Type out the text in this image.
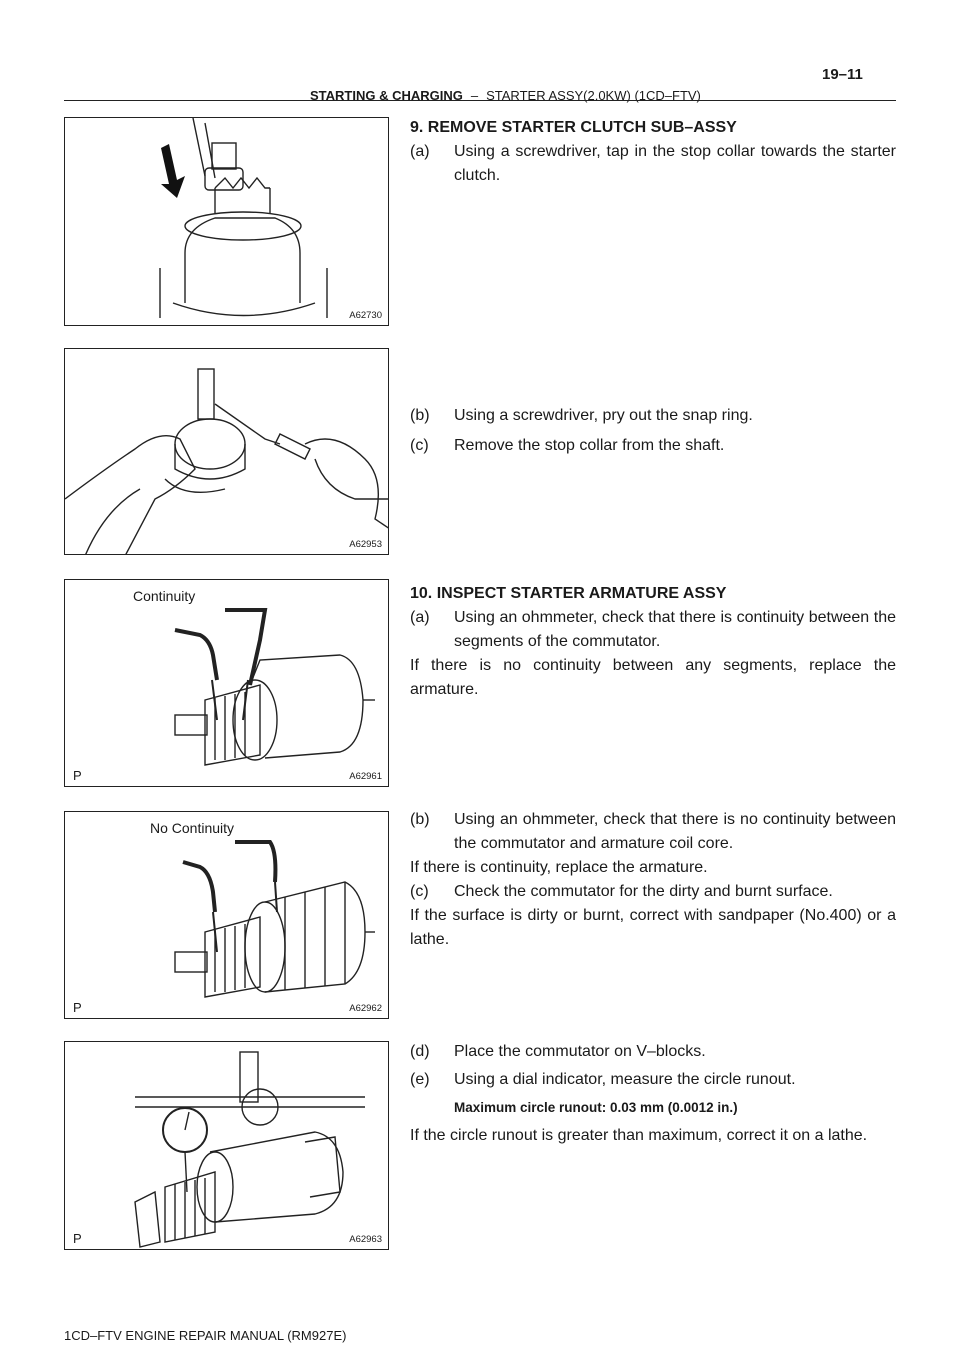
19–11
STARTING & CHARGING – STARTER ASSY(2.0KW) (1CD–FTV)
A62730
A62953
Continuity
P	A62961
No Continuity
P	A62962
P	A62963

9. REMOVE STARTER CLUTCH SUB–ASSY

(a)	Using a screwdriver, tap in the stop collar towards the starter clutch.
(b)	Using a screwdriver, pry out the snap ring.
(c)	Remove the stop collar from the shaft.

10. INSPECT STARTER ARMATURE ASSY

(a)	Using an ohmmeter, check that there is continuity between the segments of the commutator.

If there is no continuity between any segments, replace the armature.

(b)	Using an ohmmeter, check that there is no continuity between the commutator and armature coil core.

If there is continuity, replace the armature.

(c)	Check the commutator for the dirty and burnt surface.

If the surface is dirty or burnt, correct with sandpaper (No.400) or a lathe.

(d)	Place the commutator on V–blocks.
(e)	Using a dial indicator, measure the circle runout.

Maximum circle runout: 0.03 mm (0.0012 in.)

If the circle runout is greater than maximum, correct it on a lathe.

1CD–FTV ENGINE REPAIR MANUAL (RM927E)
